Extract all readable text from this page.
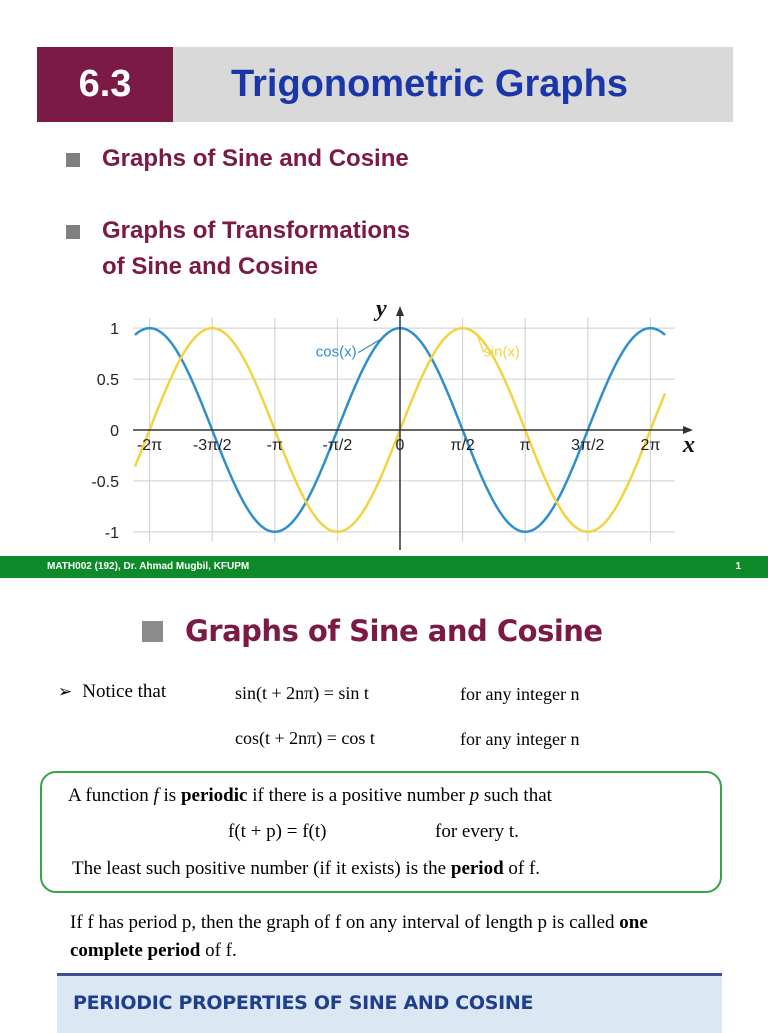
6.3	Trigonometric Graphs
Graphs of Sine and Cosine
Graphs of Transformations
of Sine and Cosine
-2π -3π/2 -π -π/2	0	π/2	π	3π/2 2π
1
0.5
0
-0.5
-1
x
y
cos(x)	sin(x)
MATH002 (192), Dr. Ahmad Mugbil, KFUPM	1
Graphs of Sine and Cosine
➢ Notice that	sin(t + 2nπ) = sin t	for any integer n
cos(t + 2nπ) = cos t	for any integer n
A function f is periodic if there is a positive number p such that
f(t + p) = f(t)	for every t.
The least such positive number (if it exists) is the period of f.
If f has period p, then the graph of f on any interval of length p is called one complete period of f.
PERIODIC PROPERTIES OF SINE AND COSINE
